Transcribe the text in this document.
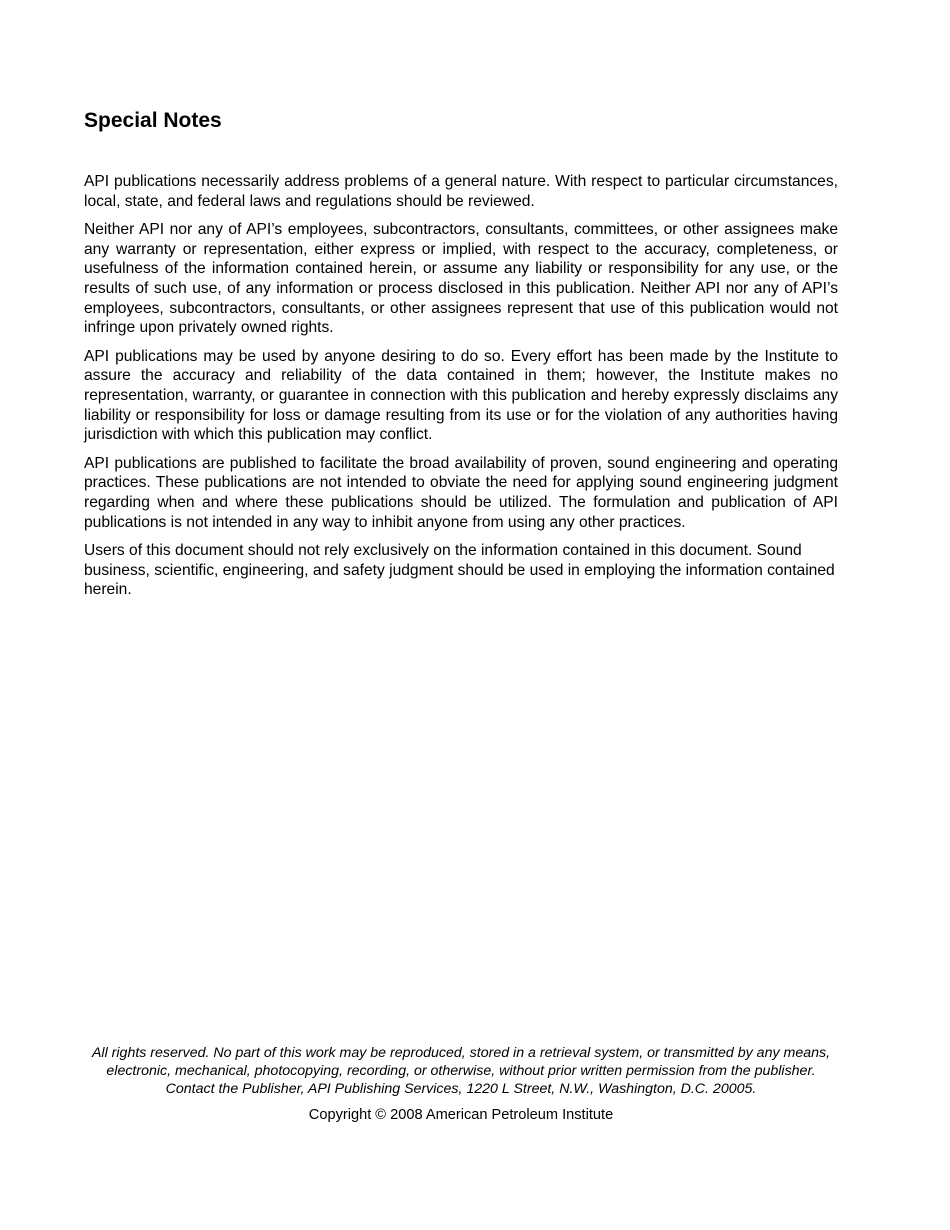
Special Notes

API publications necessarily address problems of a general nature. With respect to particular circumstances, local, state, and federal laws and regulations should be reviewed.

Neither API nor any of API’s employees, subcontractors, consultants, committees, or other assignees make any warranty or representation, either express or implied, with respect to the accuracy, completeness, or usefulness of the information contained herein, or assume any liability or responsibility for any use, or the results of such use, of any information or process disclosed in this publication. Neither API nor any of API’s employees, subcontractors, consultants, or other assignees represent that use of this publication would not infringe upon privately owned rights.

API publications may be used by anyone desiring to do so. Every effort has been made by the Institute to assure the accuracy and reliability of the data contained in them; however, the Institute makes no representation, warranty, or guarantee in connection with this publication and hereby expressly disclaims any liability or responsibility for loss or damage resulting from its use or for the violation of any authorities having jurisdiction with which this publication may conflict.

API publications are published to facilitate the broad availability of proven, sound engineering and operating practices. These publications are not intended to obviate the need for applying sound engineering judgment regarding when and where these publications should be utilized. The formulation and publication of API publications is not intended in any way to inhibit anyone from using any other practices.

Users of this document should not rely exclusively on the information contained in this document. Sound business, scientific, engineering, and safety judgment should be used in employing the information contained herein.

All rights reserved. No part of this work may be reproduced, stored in a retrieval system, or transmitted by any means, electronic, mechanical, photocopying, recording, or otherwise, without prior written permission from the publisher. Contact the Publisher, API Publishing Services, 1220 L Street, N.W., Washington, D.C. 20005.

Copyright © 2008 American Petroleum Institute
